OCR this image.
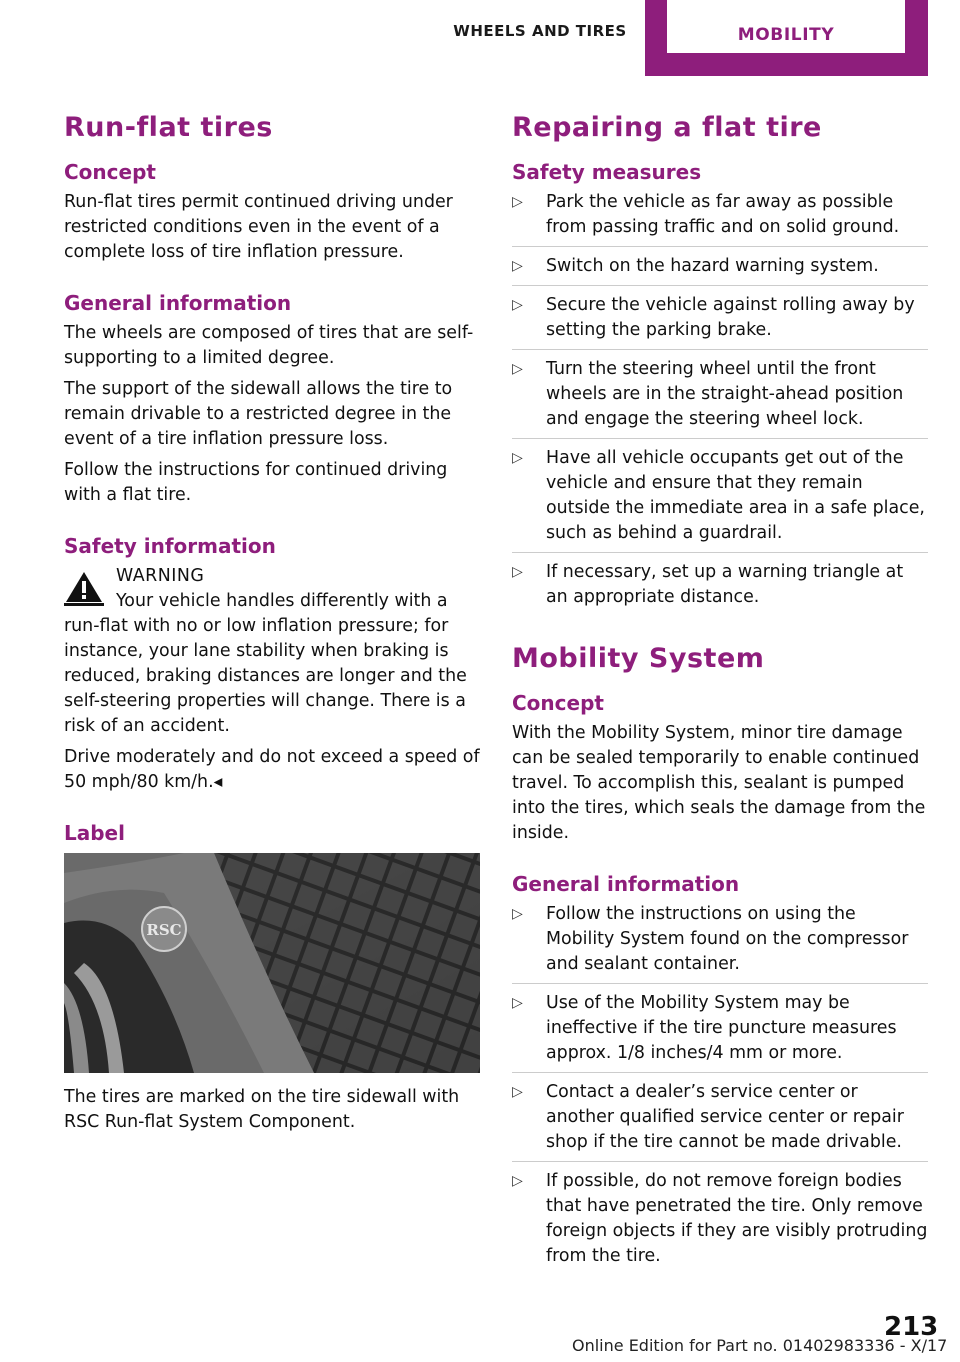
WHEELS AND TIRES	MOBILITY
Run-flat tires
Concept

Run-flat tires permit continued driving under restricted conditions even in the event of a complete loss of tire inflation pressure.

General information

The wheels are composed of tires that are self-supporting to a limited degree.

The support of the sidewall allows the tire to remain drivable to a restricted degree in the event of a tire inflation pressure loss.

Follow the instructions for continued driving with a flat tire.

Safety information
WARNING

Your vehicle handles differently with a run-flat with no or low inflation pressure; for instance, your lane stability when braking is reduced, braking distances are longer and the self-steering properties will change. There is a risk of an accident.

Drive moderately and do not exceed a speed of 50 mph/80 km/h.◂

Label
RSC

The tires are marked on the tire sidewall with RSC Run-flat System Component.

Repairing a flat tire
Safety measures
▷ Park the vehicle as far away as possible from passing traffic and on solid ground.
▷ Switch on the hazard warning system.
▷ Secure the vehicle against rolling away by setting the parking brake.
▷ Turn the steering wheel until the front wheels are in the straight-ahead position and engage the steering wheel lock.
▷ Have all vehicle occupants get out of the vehicle and ensure that they remain outside the immediate area in a safe place, such as behind a guardrail.
▷ If necessary, set up a warning triangle at an appropriate distance.
Mobility System
Concept

With the Mobility System, minor tire damage can be sealed temporarily to enable continued travel. To accomplish this, sealant is pumped into the tires, which seals the damage from the inside.

General information
▷ Follow the instructions on using the Mobility System found on the compressor and sealant container.
▷ Use of the Mobility System may be ineffective if the tire puncture measures approx. 1/8 inches/4 mm or more.
▷ Contact a dealer’s service center or another qualified service center or repair shop if the tire cannot be made drivable.
▷ If possible, do not remove foreign bodies that have penetrated the tire. Only remove foreign objects if they are visibly protruding from the tire.
213
Online Edition for Part no. 01402983336 - X/17
